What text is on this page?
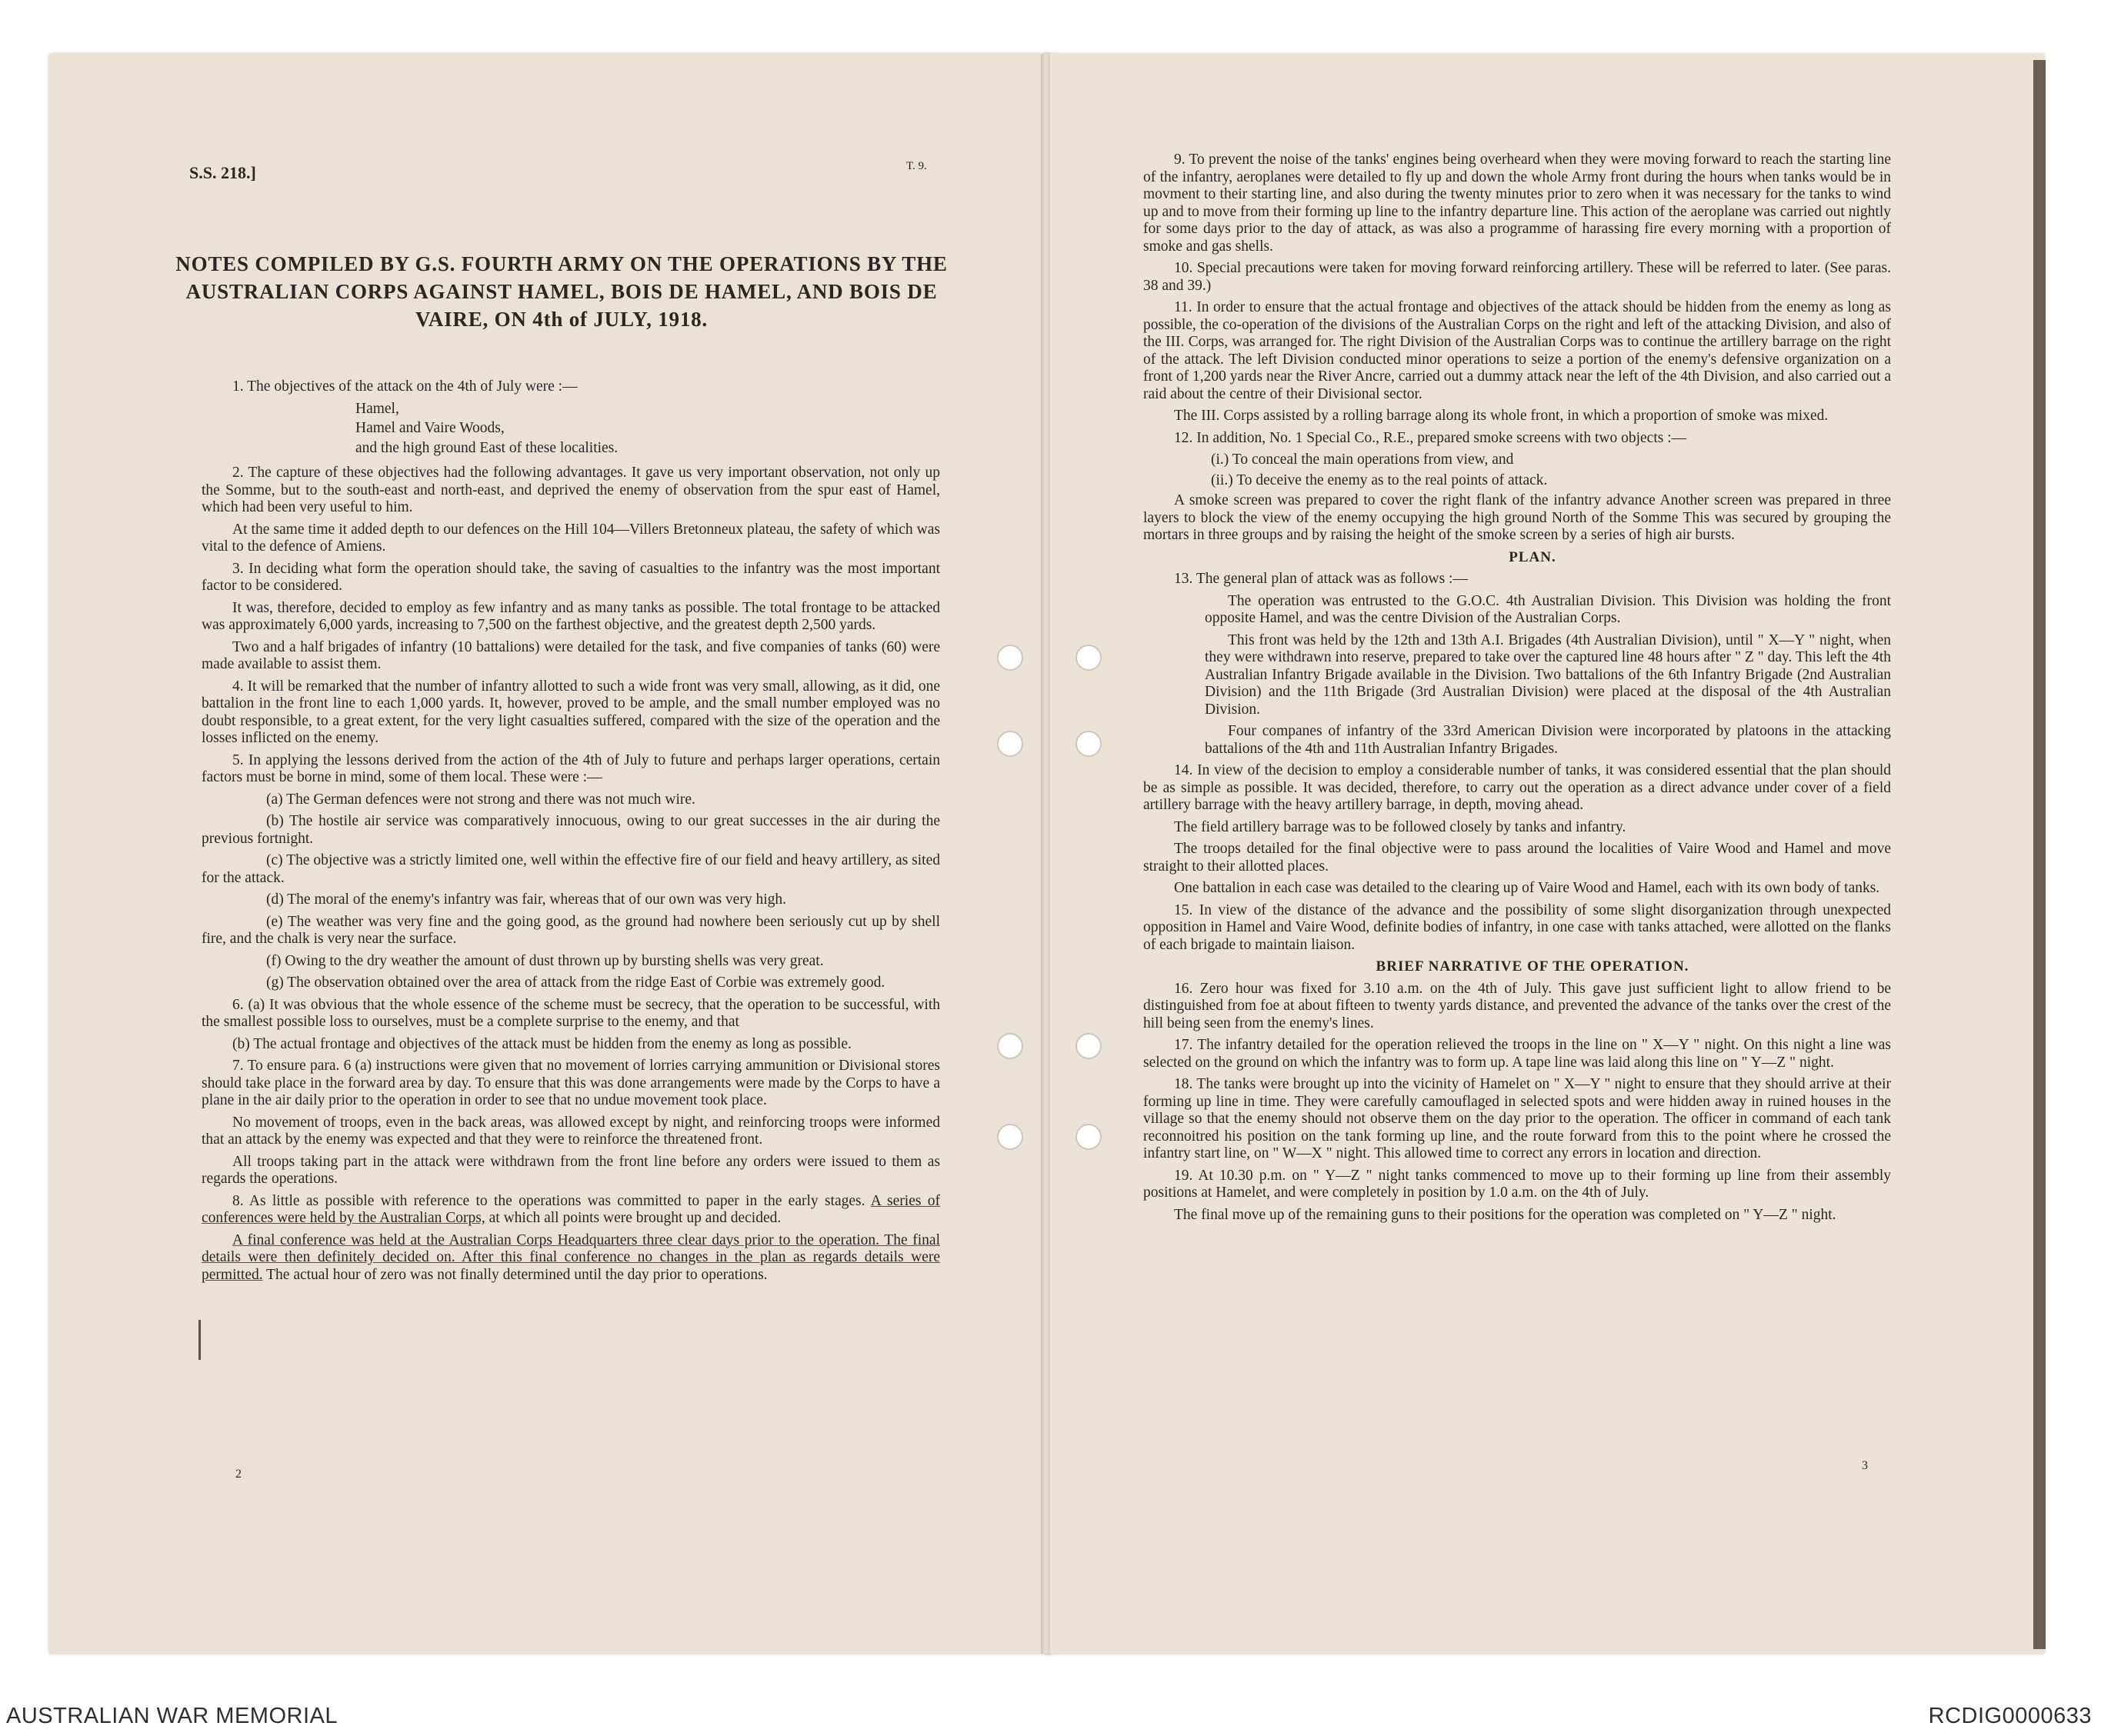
S.S. 218.]	T. 9.
NOTES COMPILED BY G.S. FOURTH ARMY ON THE OPERATIONS BY THE AUSTRALIAN CORPS AGAINST HAMEL, BOIS DE HAMEL, AND BOIS DE VAIRE, ON 4th of JULY, 1918.

1. The objectives of the attack on the 4th of July were :—

Hamel,

Hamel and Vaire Woods,

and the high ground East of these localities.

2. The capture of these objectives had the following advantages. It gave us very important observation, not only up the Somme, but to the south-east and north-east, and deprived the enemy of observation from the spur east of Hamel, which had been very useful to him.

At the same time it added depth to our defences on the Hill 104—Villers Bretonneux plateau, the safety of which was vital to the defence of Amiens.

3. In deciding what form the operation should take, the saving of casualties to the infantry was the most important factor to be considered.

It was, therefore, decided to employ as few infantry and as many tanks as possible. The total frontage to be attacked was approximately 6,000 yards, increasing to 7,500 on the farthest objective, and the greatest depth 2,500 yards.

Two and a half brigades of infantry (10 battalions) were detailed for the task, and five companies of tanks (60) were made available to assist them.

4. It will be remarked that the number of infantry allotted to such a wide front was very small, allowing, as it did, one battalion in the front line to each 1,000 yards. It, however, proved to be ample, and the small number employed was no doubt responsible, to a great extent, for the very light casualties suffered, compared with the size of the operation and the losses inflicted on the enemy.

5. In applying the lessons derived from the action of the 4th of July to future and perhaps larger operations, certain factors must be borne in mind, some of them local. These were :—

(a) The German defences were not strong and there was not much wire.

(b) The hostile air service was comparatively innocuous, owing to our great successes in the air during the previous fortnight.

(c) The objective was a strictly limited one, well within the effective fire of our field and heavy artillery, as sited for the attack.

(d) The moral of the enemy's infantry was fair, whereas that of our own was very high.

(e) The weather was very fine and the going good, as the ground had nowhere been seriously cut up by shell fire, and the chalk is very near the surface.

(f) Owing to the dry weather the amount of dust thrown up by bursting shells was very great.

(g) The observation obtained over the area of attack from the ridge East of Corbie was extremely good.

6. (a) It was obvious that the whole essence of the scheme must be secrecy, that the operation to be successful, with the smallest possible loss to ourselves, must be a complete surprise to the enemy, and that

(b) The actual frontage and objectives of the attack must be hidden from the enemy as long as possible.

7. To ensure para. 6 (a) instructions were given that no movement of lorries carrying ammunition or Divisional stores should take place in the forward area by day. To ensure that this was done arrangements were made by the Corps to have a plane in the air daily prior to the operation in order to see that no undue movement took place.

No movement of troops, even in the back areas, was allowed except by night, and reinforcing troops were informed that an attack by the enemy was expected and that they were to reinforce the threatened front.

All troops taking part in the attack were withdrawn from the front line before any orders were issued to them as regards the operations.

8. As little as possible with reference to the operations was committed to paper in the early stages. A series of conferences were held by the Australian Corps, at which all points were brought up and decided.

A final conference was held at the Australian Corps Headquarters three clear days prior to the operation. The final details were then definitely decided on. After this final conference no changes in the plan as regards details were permitted. The actual hour of zero was not finally determined until the day prior to operations.

2

9. To prevent the noise of the tanks' engines being overheard when they were moving forward to reach the starting line of the infantry, aeroplanes were detailed to fly up and down the whole Army front during the hours when tanks would be in movment to their starting line, and also during the twenty minutes prior to zero when it was necessary for the tanks to wind up and to move from their forming up line to the infantry departure line. This action of the aeroplane was carried out nightly for some days prior to the day of attack, as was also a programme of harassing fire every morning with a proportion of smoke and gas shells.

10. Special precautions were taken for moving forward reinforcing artillery. These will be referred to later. (See paras. 38 and 39.)

11. In order to ensure that the actual frontage and objectives of the attack should be hidden from the enemy as long as possible, the co-operation of the divisions of the Australian Corps on the right and left of the attacking Division, and also of the III. Corps, was arranged for. The right Division of the Australian Corps was to continue the artillery barrage on the right of the attack. The left Division conducted minor operations to seize a portion of the enemy's defensive organization on a front of 1,200 yards near the River Ancre, carried out a dummy attack near the left of the 4th Division, and also carried out a raid about the centre of their Divisional sector.

The III. Corps assisted by a rolling barrage along its whole front, in which a proportion of smoke was mixed.

12. In addition, No. 1 Special Co., R.E., prepared smoke screens with two objects :—

(i.) To conceal the main operations from view, and

(ii.) To deceive the enemy as to the real points of attack.

A smoke screen was prepared to cover the right flank of the infantry advance Another screen was prepared in three layers to block the view of the enemy occupying the high ground North of the Somme This was secured by grouping the mortars in three groups and by raising the height of the smoke screen by a series of high air bursts.

PLAN.

13. The general plan of attack was as follows :—

The operation was entrusted to the G.O.C. 4th Australian Division. This Division was holding the front opposite Hamel, and was the centre Division of the Australian Corps.

This front was held by the 12th and 13th A.I. Brigades (4th Australian Division), until " X—Y " night, when they were withdrawn into reserve, prepared to take over the captured line 48 hours after " Z " day. This left the 4th Australian Infantry Brigade available in the Division. Two battalions of the 6th Infantry Brigade (2nd Australian Division) and the 11th Brigade (3rd Australian Division) were placed at the disposal of the 4th Australian Division.

Four companes of infantry of the 33rd American Division were incorporated by platoons in the attacking battalions of the 4th and 11th Australian Infantry Brigades.

14. In view of the decision to employ a considerable number of tanks, it was considered essential that the plan should be as simple as possible. It was decided, therefore, to carry out the operation as a direct advance under cover of a field artillery barrage with the heavy artillery barrage, in depth, moving ahead.

The field artillery barrage was to be followed closely by tanks and infantry.

The troops detailed for the final objective were to pass around the localities of Vaire Wood and Hamel and move straight to their allotted places.

One battalion in each case was detailed to the clearing up of Vaire Wood and Hamel, each with its own body of tanks.

15. In view of the distance of the advance and the possibility of some slight disorganization through unexpected opposition in Hamel and Vaire Wood, definite bodies of infantry, in one case with tanks attached, were allotted on the flanks of each brigade to maintain liaison.

BRIEF NARRATIVE OF THE OPERATION.

16. Zero hour was fixed for 3.10 a.m. on the 4th of July. This gave just sufficient light to allow friend to be distinguished from foe at about fifteen to twenty yards distance, and prevented the advance of the tanks over the crest of the hill being seen from the enemy's lines.

17. The infantry detailed for the operation relieved the troops in the line on " X—Y " night. On this night a line was selected on the ground on which the infantry was to form up. A tape line was laid along this line on " Y—Z " night.

18. The tanks were brought up into the vicinity of Hamelet on " X—Y " night to ensure that they should arrive at their forming up line in time. They were carefully camouflaged in selected spots and were hidden away in ruined houses in the village so that the enemy should not observe them on the day prior to the operation. The officer in command of each tank reconnoitred his position on the tank forming up line, and the route forward from this to the point where he crossed the infantry start line, on " W—X " night. This allowed time to correct any errors in location and direction.

19. At 10.30 p.m. on " Y—Z " night tanks commenced to move up to their forming up line from their assembly positions at Hamelet, and were completely in position by 1.0 a.m. on the 4th of July.

The final move up of the remaining guns to their positions for the operation was completed on " Y—Z " night.

3
AUSTRALIAN WAR MEMORIAL	RCDIG0000633
